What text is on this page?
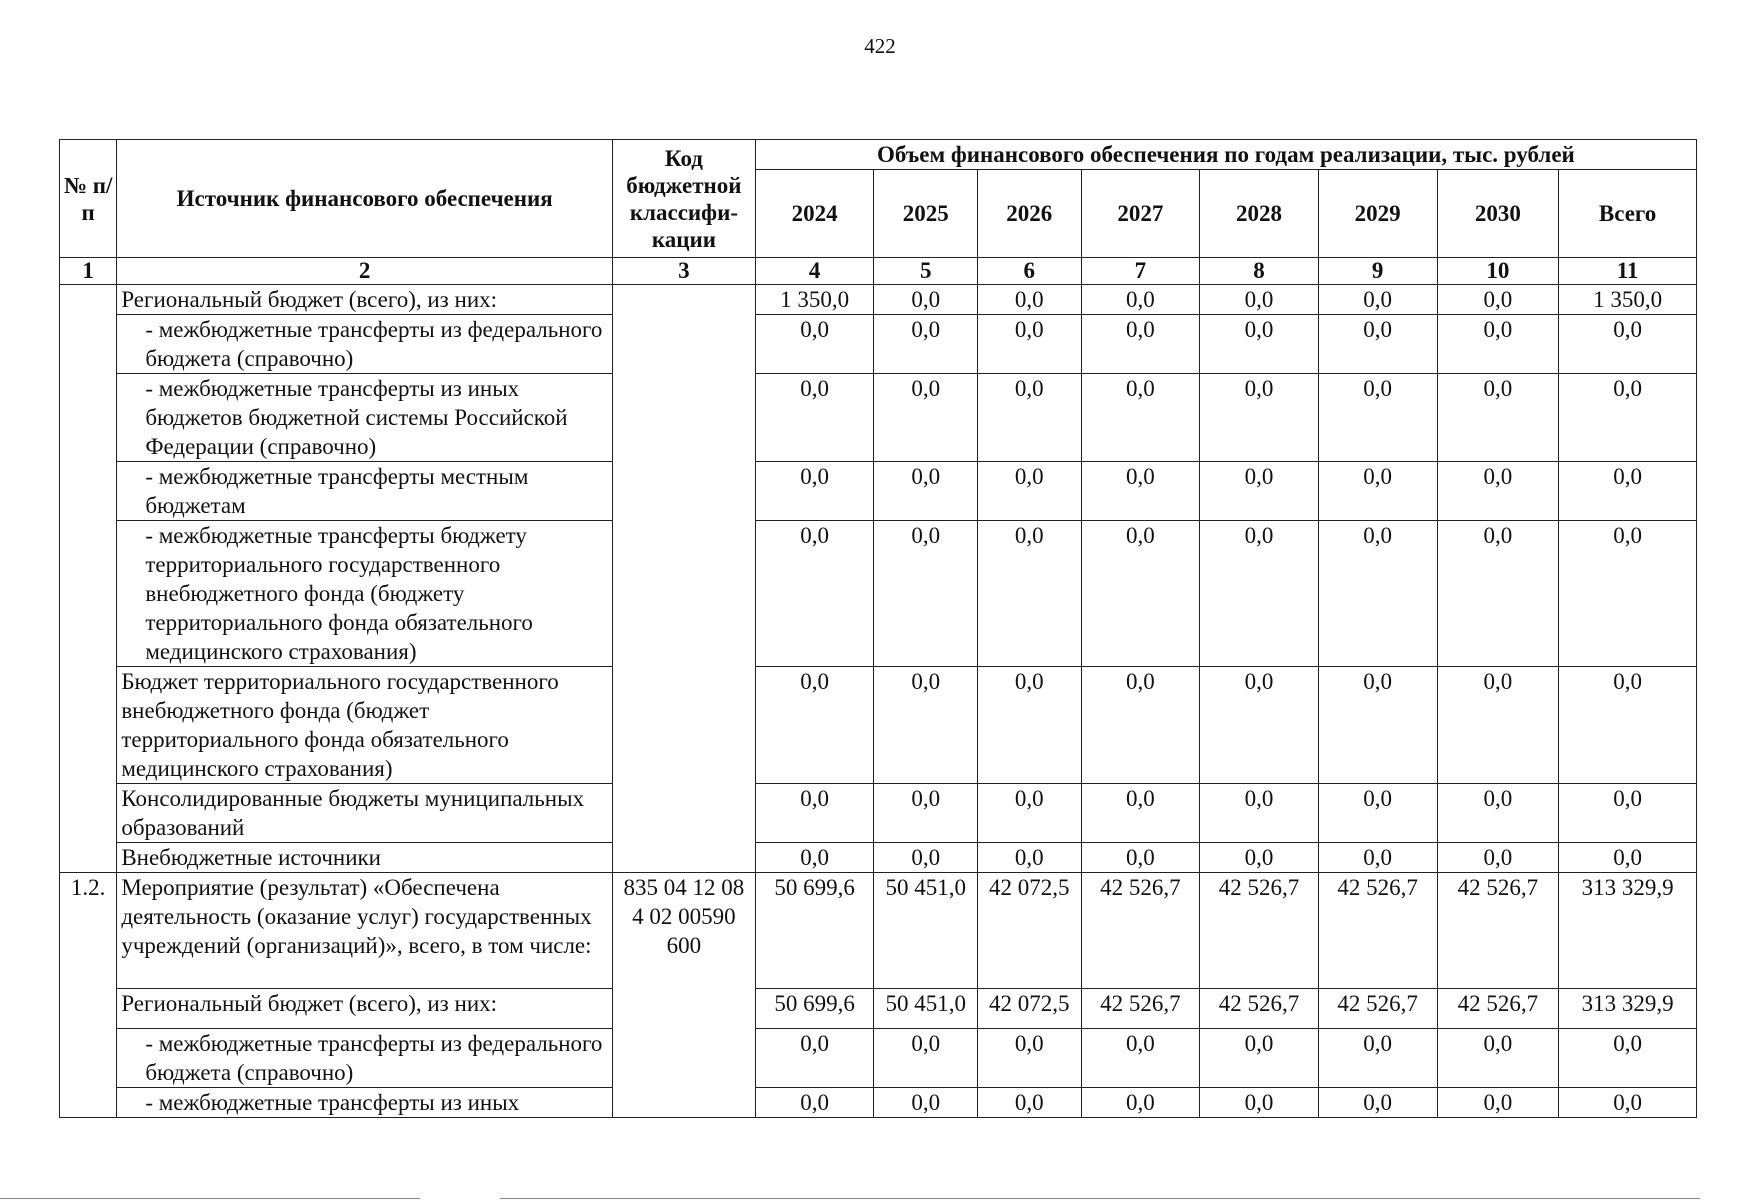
422
№ п/п	Источник финансового обеспечения	Код бюджетной классифи-кации	Объем финансового обеспечения по годам реализации, тыс. рублей							
			2024	2025	2026	2027	2028	2029	2030	Всего
1	2	3	4	5	6	7	8	9	10	11
	Региональный бюджет (всего), из них:		1 350,0	0,0	0,0	0,0	0,0	0,0	0,0	1 350,0
	- межбюджетные трансферты из федерального бюджета (справочно)		0,0	0,0	0,0	0,0	0,0	0,0	0,0	0,0
	- межбюджетные трансферты из иных бюджетов бюджетной системы Российской Федерации (справочно)		0,0	0,0	0,0	0,0	0,0	0,0	0,0	0,0
	- межбюджетные трансферты местным бюджетам		0,0	0,0	0,0	0,0	0,0	0,0	0,0	0,0
	- межбюджетные трансферты бюджету территориального государственного внебюджетного фонда (бюджету территориального фонда обязательного медицинского страхования)		0,0	0,0	0,0	0,0	0,0	0,0	0,0	0,0
	Бюджет территориального государственного внебюджетного фонда (бюджет территориального фонда обязательного медицинского страхования)		0,0	0,0	0,0	0,0	0,0	0,0	0,0	0,0
	Консолидированные бюджеты муниципальных образований		0,0	0,0	0,0	0,0	0,0	0,0	0,0	0,0
	Внебюджетные источники		0,0	0,0	0,0	0,0	0,0	0,0	0,0	0,0
1.2.	Мероприятие (результат) «Обеспечена деятельность (оказание услуг) государственных учреждений (организаций)», всего, в том числе:	835 04 12 08 4 02 00590 600	50 699,6	50 451,0	42 072,5	42 526,7	42 526,7	42 526,7	42 526,7	313 329,9
	Региональный бюджет (всего), из них:		50 699,6	50 451,0	42 072,5	42 526,7	42 526,7	42 526,7	42 526,7	313 329,9
	- межбюджетные трансферты из федерального бюджета (справочно)		0,0	0,0	0,0	0,0	0,0	0,0	0,0	0,0
	- межбюджетные трансферты из иных		0,0	0,0	0,0	0,0	0,0	0,0	0,0	0,0
